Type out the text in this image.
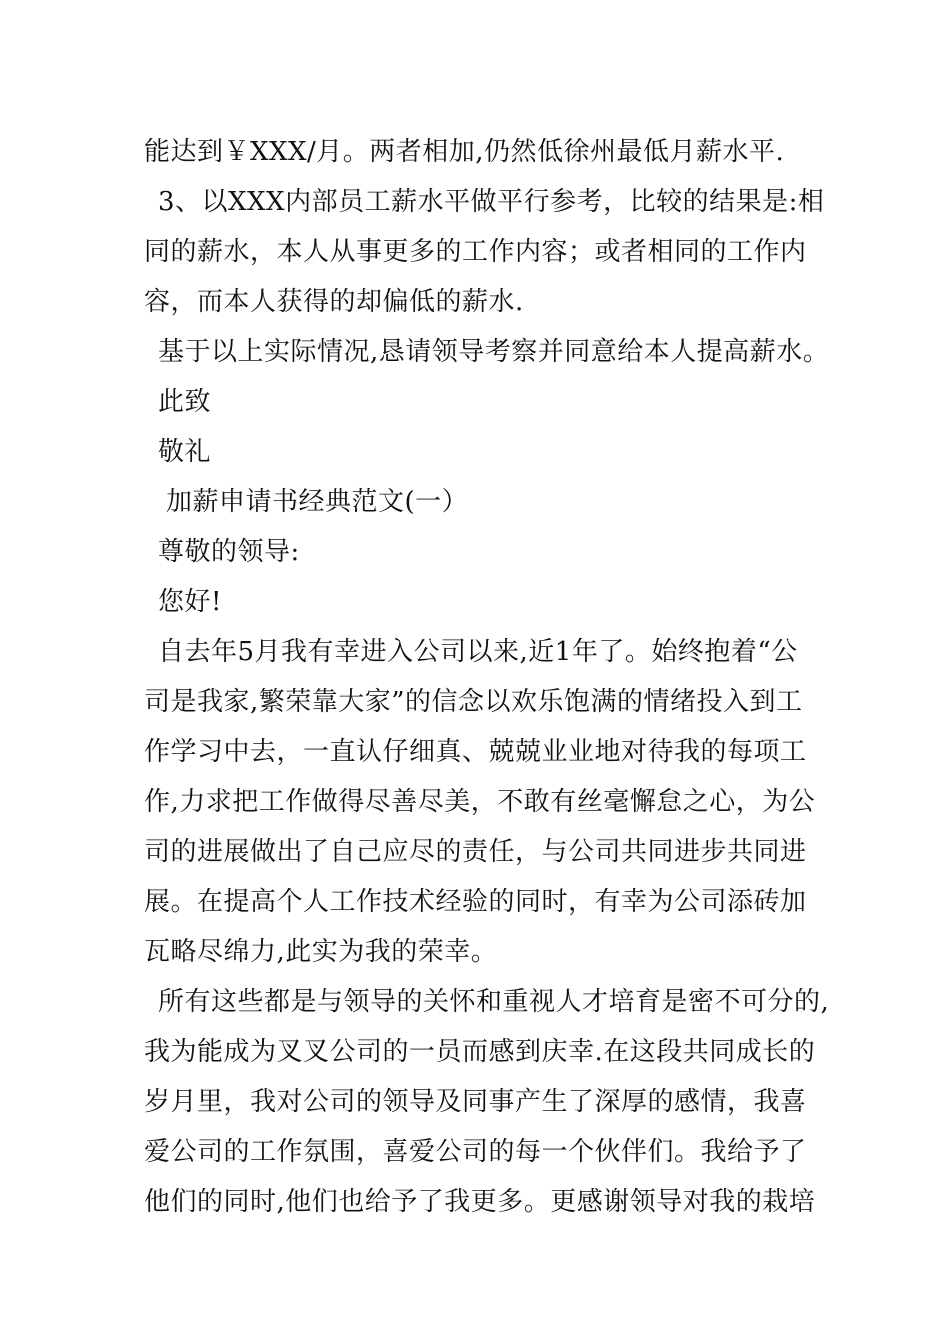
能达到￥XXX/月。两者相加,仍然低徐州最低月薪水平.
3、以XXX内部员工薪水平做平行参考，比较的结果是:相
同的薪水，本人从事更多的工作内容；或者相同的工作内
容，而本人获得的却偏低的薪水.
基于以上实际情况,恳请领导考察并同意给本人提高薪水。
此致
敬礼
加薪申请书经典范文(一）
尊敬的领导:
您好!
自去年5月我有幸进入公司以来,近1年了。始终抱着“公
司是我家,繁荣靠大家”的信念以欢乐饱满的情绪投入到工
作学习中去，一直认仔细真、兢兢业业地对待我的每项工
作,力求把工作做得尽善尽美，不敢有丝毫懈怠之心，为公
司的进展做出了自己应尽的责任，与公司共同进步共同进
展。在提高个人工作技术经验的同时，有幸为公司添砖加
瓦略尽绵力,此实为我的荣幸。
所有这些都是与领导的关怀和重视人才培育是密不可分的,
我为能成为叉叉公司的一员而感到庆幸.在这段共同成长的
岁月里，我对公司的领导及同事产生了深厚的感情，我喜
爱公司的工作氛围，喜爱公司的每一个伙伴们。我给予了
他们的同时,他们也给予了我更多。更感谢领导对我的栽培
